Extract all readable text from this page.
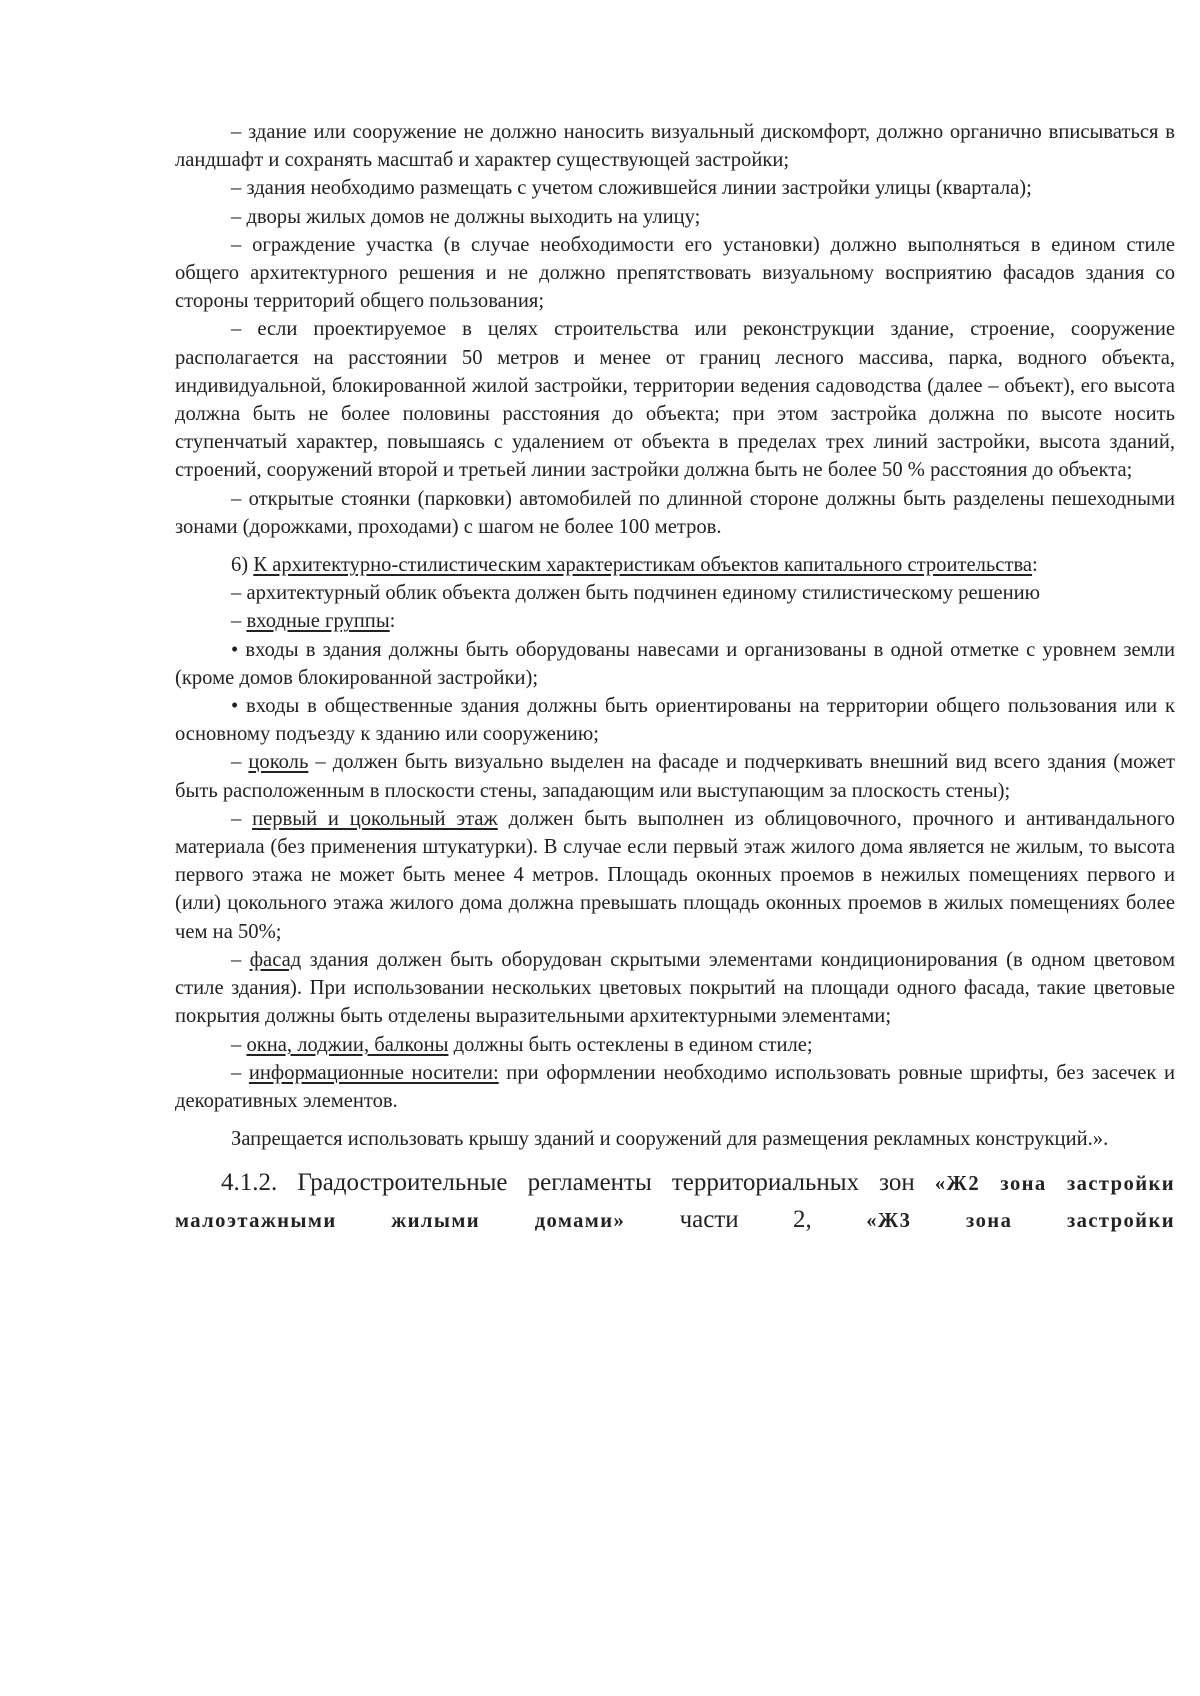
– здание или сооружение не должно наносить визуальный дискомфорт, должно органично вписываться в ландшафт и сохранять масштаб и характер существующей застройки;

– здания необходимо размещать с учетом сложившейся линии застройки улицы (квартала);

– дворы жилых домов не должны выходить на улицу;

– ограждение участка (в случае необходимости его установки) должно выполняться в едином стиле общего архитектурного решения и не должно препятствовать визуальному восприятию фасадов здания со стороны территорий общего пользования;

– если проектируемое в целях строительства или реконструкции здание, строение, сооружение располагается на расстоянии 50 метров и менее от границ лесного массива, парка, водного объекта, индивидуальной, блокированной жилой застройки, территории ведения садоводства (далее – объект), его высота должна быть не более половины расстояния до объекта; при этом застройка должна по высоте носить ступенчатый характер, повышаясь с удалением от объекта в пределах трех линий застройки, высота зданий, строений, сооружений второй и третьей линии застройки должна быть не более 50 % расстояния до объекта;

– открытые стоянки (парковки) автомобилей по длинной стороне должны быть разделены пешеходными зонами (дорожками, проходами) с шагом не более 100 метров.

6) К архитектурно-стилистическим характеристикам объектов капитального строительства:

– архитектурный облик объекта должен быть подчинен единому стилистическому решению

– входные группы:

• входы в здания должны быть оборудованы навесами и организованы в одной отметке с уровнем земли (кроме домов блокированной застройки);

• входы в общественные здания должны быть ориентированы на территории общего пользования или к основному подъезду к зданию или сооружению;

– цоколь – должен быть визуально выделен на фасаде и подчеркивать внешний вид всего здания (может быть расположенным в плоскости стены, западающим или выступающим за плоскость стены);

– первый и цокольный этаж должен быть выполнен из облицовочного, прочного и антивандального материала (без применения штукатурки). В случае если первый этаж жилого дома является не жилым, то высота первого этажа не может быть менее 4 метров. Площадь оконных проемов в нежилых помещениях первого и (или) цокольного этажа жилого дома должна превышать площадь оконных проемов в жилых помещениях более чем на 50%;

– фасад здания должен быть оборудован скрытыми элементами кондиционирования (в одном цветовом стиле здания). При использовании нескольких цветовых покрытий на площади одного фасада, такие цветовые покрытия должны быть отделены выразительными архитектурными элементами;

– окна, лоджии, балконы должны быть остеклены в едином стиле;

– информационные носители: при оформлении необходимо использовать ровные шрифты, без засечек и декоративных элементов.

Запрещается использовать крышу зданий и сооружений для размещения рекламных конструкций.».

4.1.2. Градостроительные регламенты территориальных зон «Ж2 зона застройки малоэтажными жилыми домами» части 2, «Ж3 зона застройки
